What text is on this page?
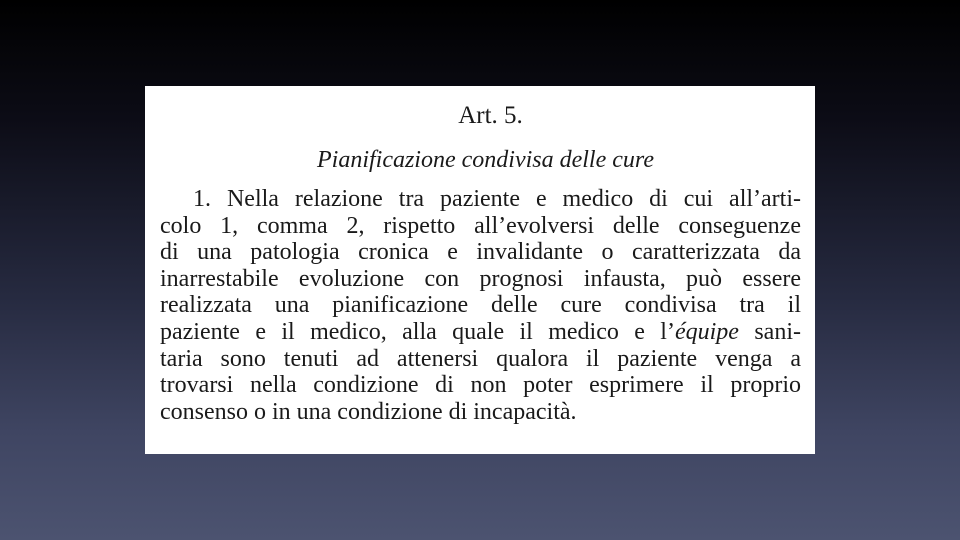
Art. 5.
Pianificazione condivisa delle cure
1. Nella relazione tra paziente e medico di cui all’arti-
colo 1, comma 2, rispetto all’evolversi delle conseguenze
di una patologia cronica e invalidante o caratterizzata da
inarrestabile evoluzione con prognosi infausta, può essere
realizzata una pianificazione delle cure condivisa tra il
paziente e il medico, alla quale il medico e l’équipe sani-
taria sono tenuti ad attenersi qualora il paziente venga a
trovarsi nella condizione di non poter esprimere il proprio
consenso o in una condizione di incapacità.
